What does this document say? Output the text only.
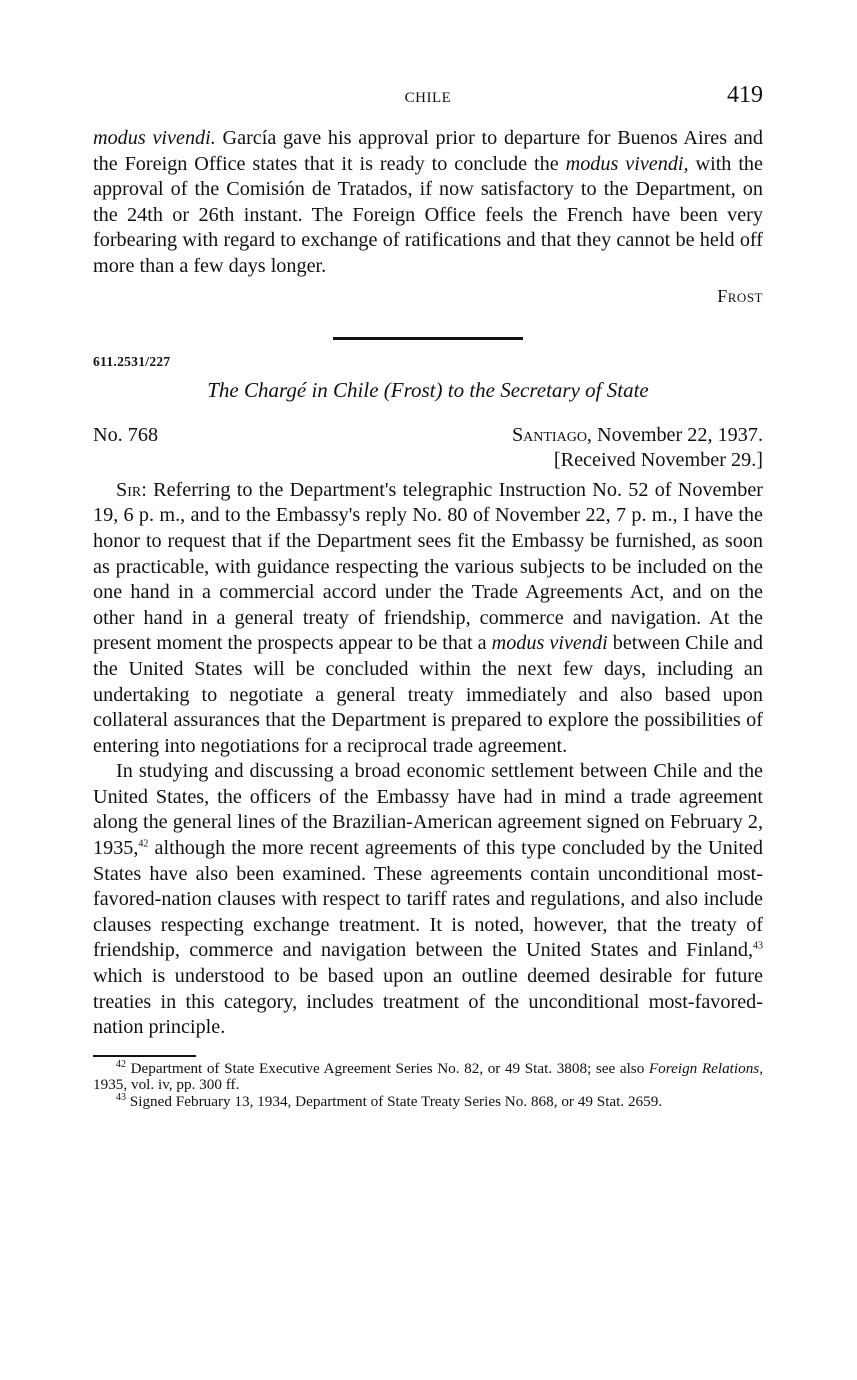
CHILE	419

modus vivendi. García gave his approval prior to departure for Buenos Aires and the Foreign Office states that it is ready to conclude the modus vivendi, with the approval of the Comisión de Tratados, if now satisfactory to the Department, on the 24th or 26th instant. The Foreign Office feels the French have been very forbearing with regard to exchange of ratifications and that they cannot be held off more than a few days longer.

Frost
611.2531/227
The Chargé in Chile (Frost) to the Secretary of State
No. 768	Santiago, November 22, 1937.
[Received November 29.]

Sir: Referring to the Department's telegraphic Instruction No. 52 of November 19, 6 p. m., and to the Embassy's reply No. 80 of November 22, 7 p. m., I have the honor to request that if the Department sees fit the Embassy be furnished, as soon as practicable, with guidance respecting the various subjects to be included on the one hand in a commercial accord under the Trade Agreements Act, and on the other hand in a general treaty of friendship, commerce and navigation. At the present moment the prospects appear to be that a modus vivendi between Chile and the United States will be concluded within the next few days, including an undertaking to negotiate a general treaty immediately and also based upon collateral assurances that the Department is prepared to explore the possibilities of entering into negotiations for a reciprocal trade agreement.

In studying and discussing a broad economic settlement between Chile and the United States, the officers of the Embassy have had in mind a trade agreement along the general lines of the Brazilian-American agreement signed on February 2, 1935,42 although the more recent agreements of this type concluded by the United States have also been examined. These agreements contain unconditional most-favored-nation clauses with respect to tariff rates and regulations, and also include clauses respecting exchange treatment. It is noted, however, that the treaty of friendship, commerce and navigation between the United States and Finland,$^{43}$ which is understood to be based upon an outline deemed desirable for future treaties in this category, includes treatment of the unconditional most-favored-nation principle.

$^{42}$ Department of State Executive Agreement Series No. 82, or 49 Stat. 3808; see also Foreign Relations, 1935, vol. iv, pp. 300 ff.

$^{43}$ Signed February 13, 1934, Department of State Treaty Series No. 868, or 49 Stat. 2659.
